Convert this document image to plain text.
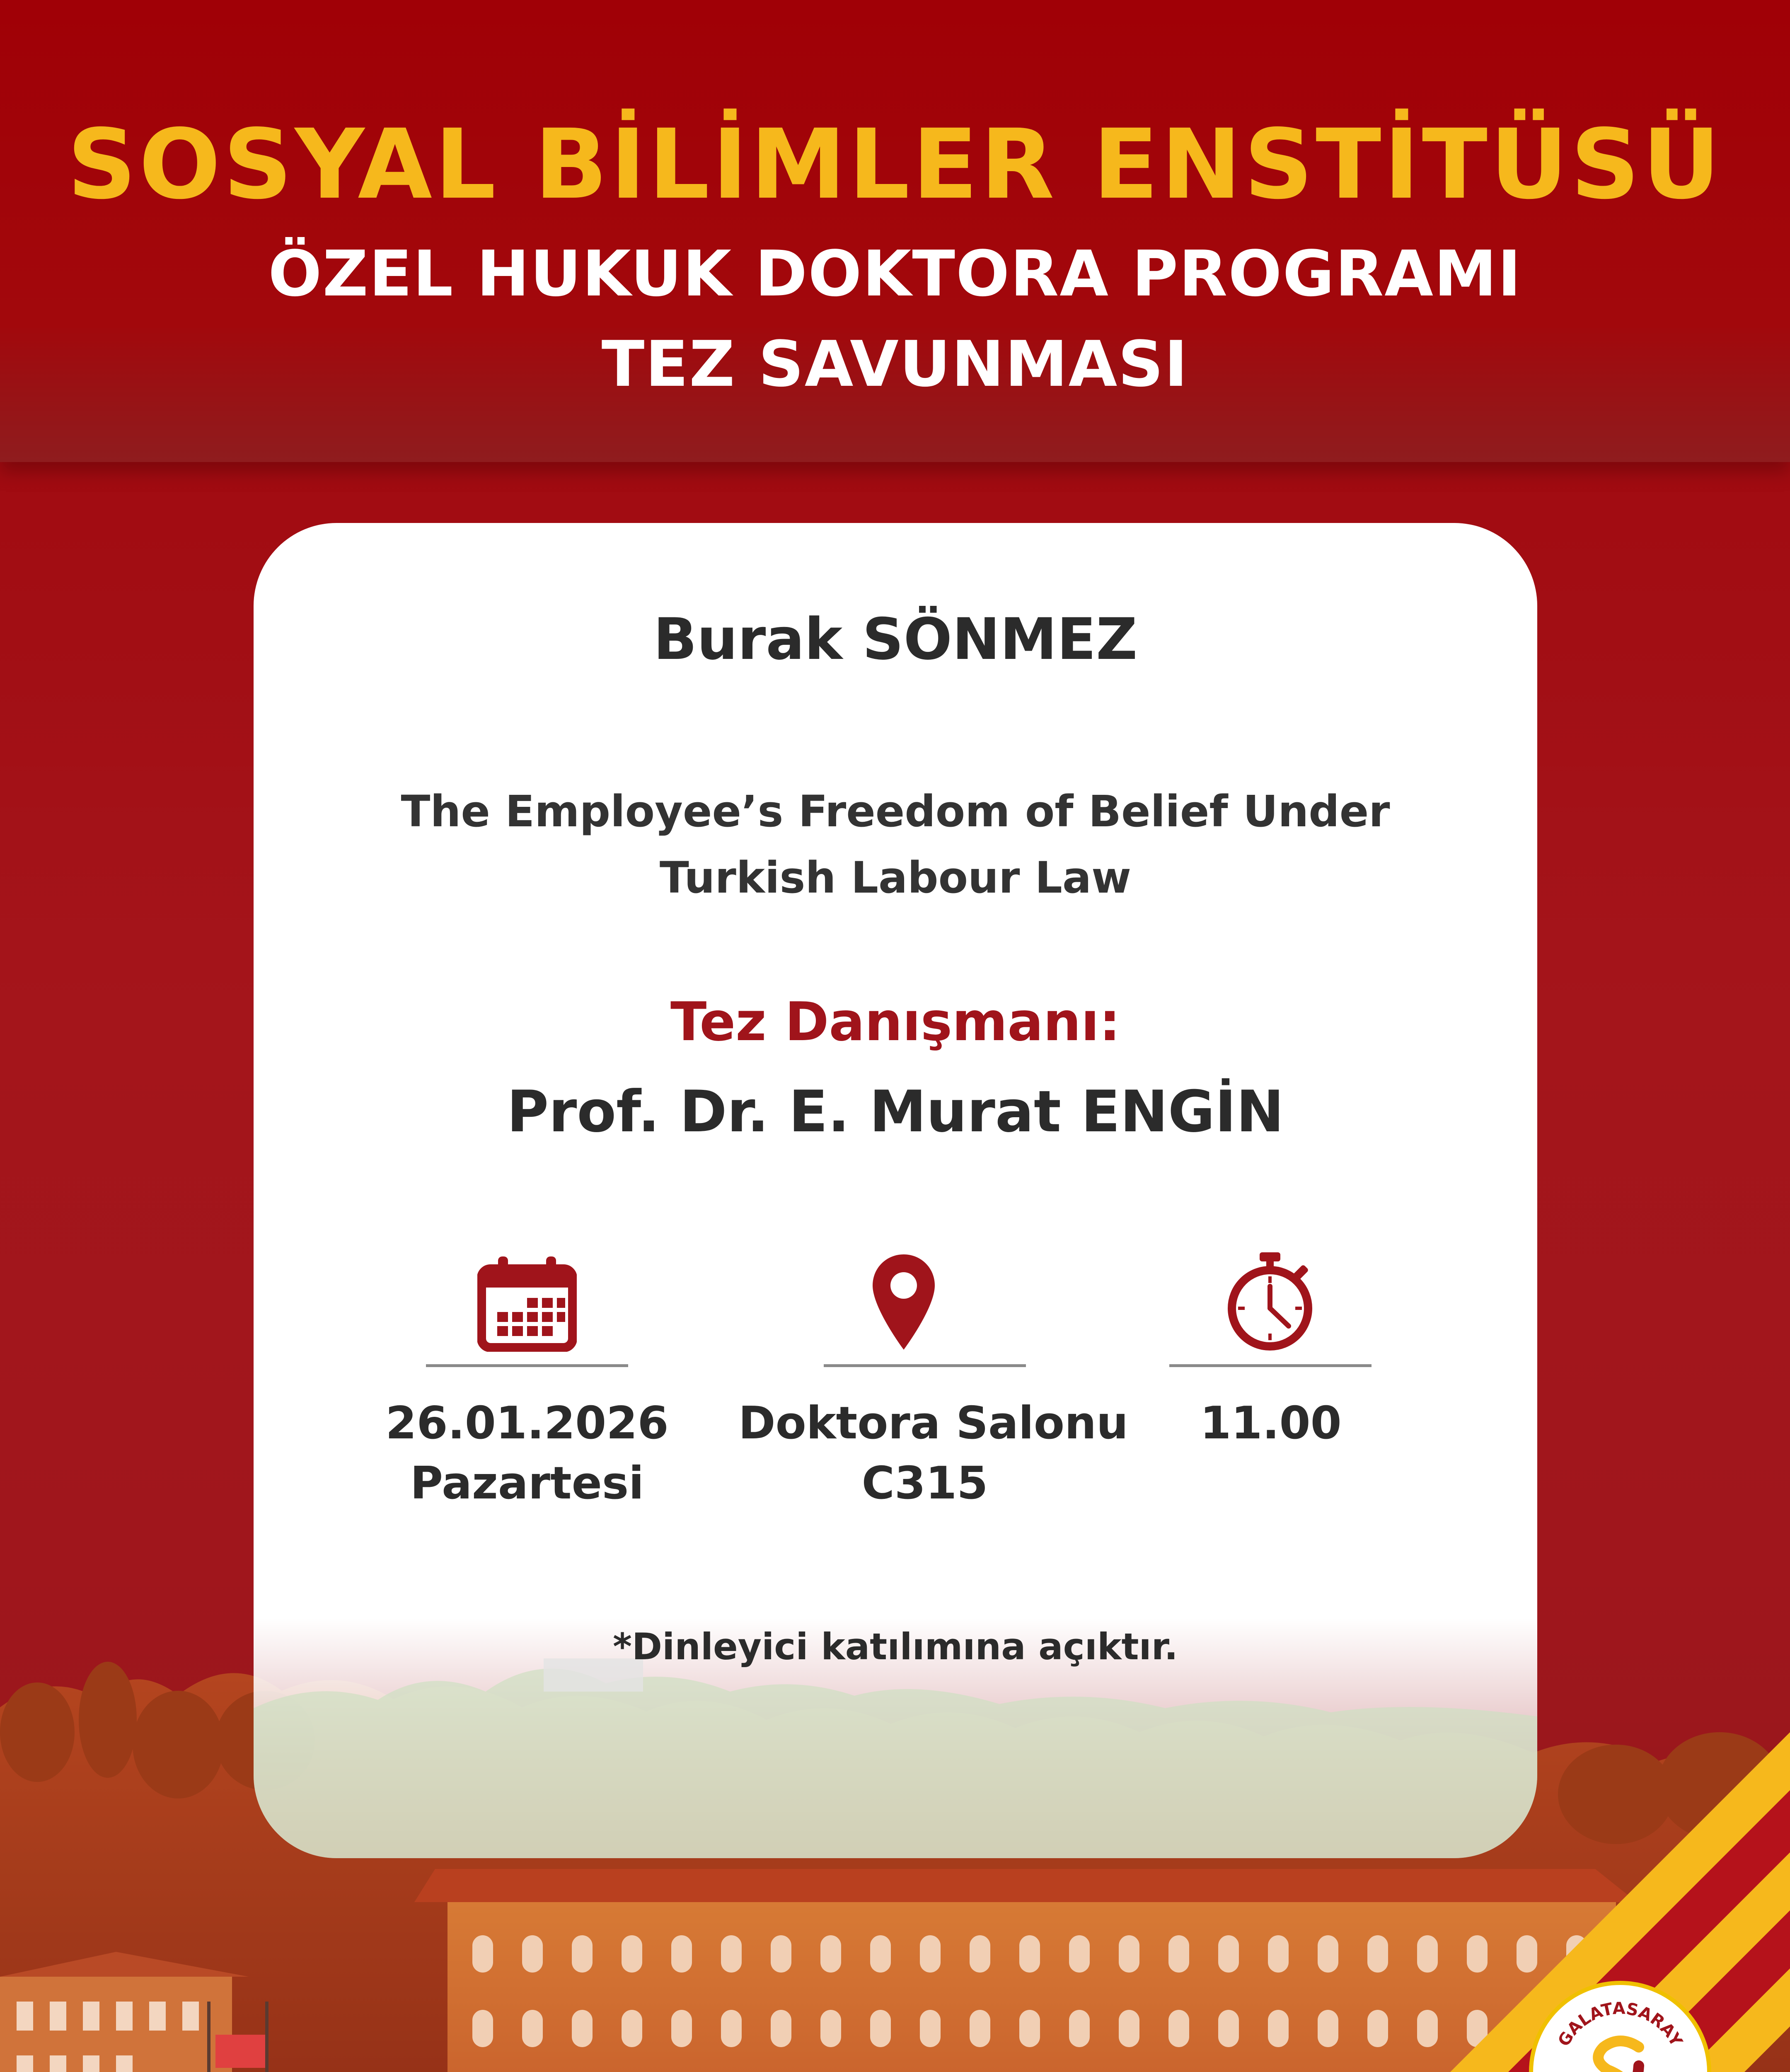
SOSYAL BİLİMLER ENSTİTÜSÜ
ÖZEL HUKUK DOKTORA PROGRAMI
TEZ SAVUNMASI

Burak SÖNMEZ

The Employee’s Freedom of Belief Under

Turkish Labour Law

Tez Danışmanı:

Prof. Dr. E. Murat ENGİN

26.01.2026

Pazartesi

Doktora Salonu

C315

11.00

*Dinleyici katılımına açıktır.

GALATASARAY
